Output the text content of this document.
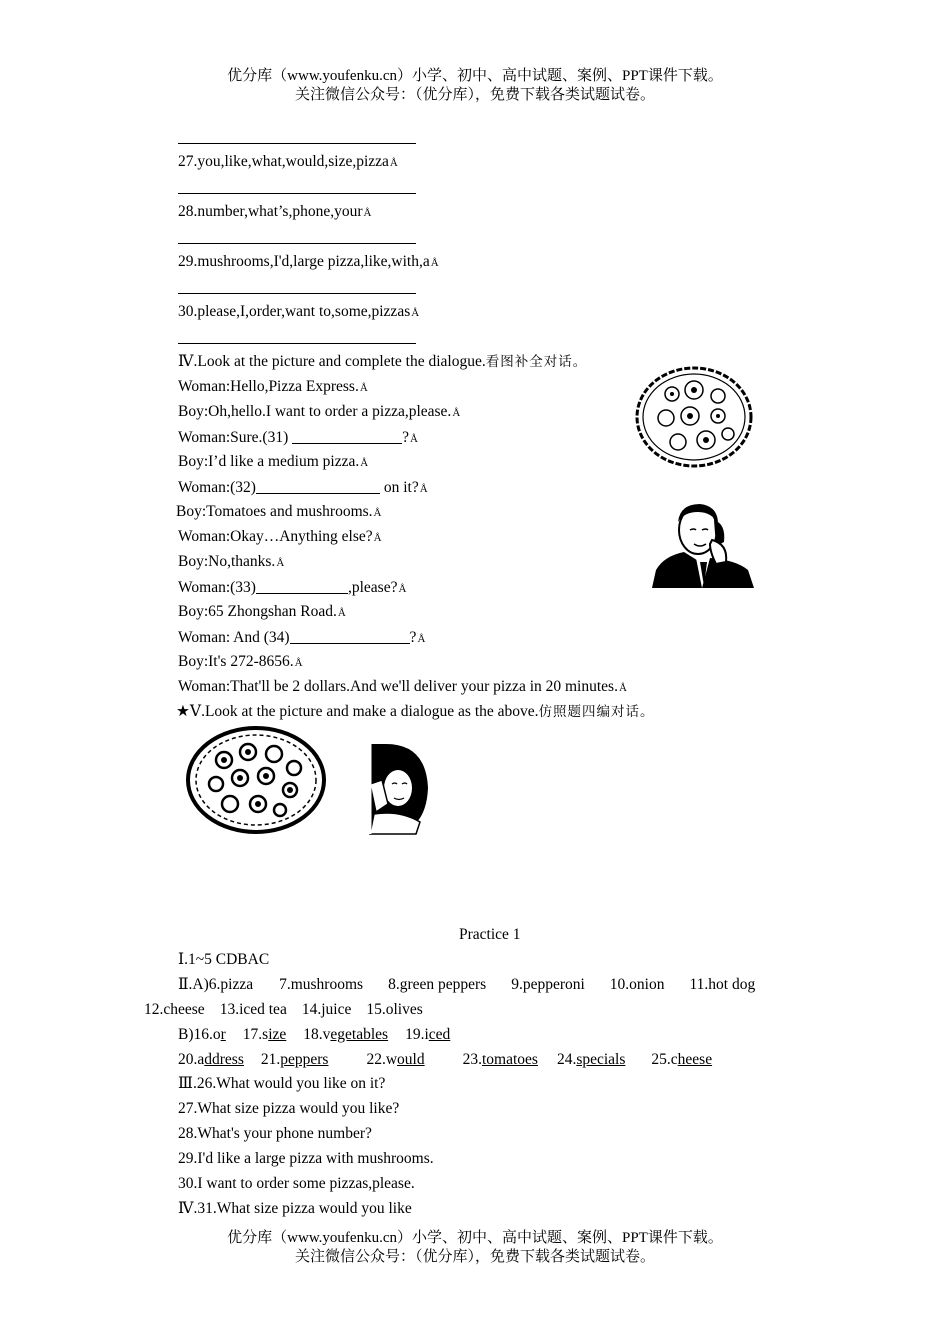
优分库（www.youfenku.cn）小学、初中、高中试题、案例、PPT课件下载。
关注微信公众号：（优分库），免费下载各类试题试卷。
27.you,like,what,would,size,pizzaÅ
28.number,what’s,phone,yourÅ
29.mushrooms,I'd,large pizza,like,with,aÅ
30.please,I,order,want to,some,pizzasÅ
Ⅳ.Look at the picture and complete the dialogue.看图补全对话。
Woman:Hello,Pizza Express.Å
Boy:Oh,hello.I want to order a pizza,please.Å
Woman:Sure.(31)	?Å
Boy:I’d like a medium pizza.Å
Woman:(32)	on it?Å
Boy:Tomatoes and mushrooms.Å
Woman:Okay…Anything else?Å
Boy:No,thanks.Å
Woman:(33)	,please?Å
Boy:65 Zhongshan Road.Å
Woman: And (34)	?Å
Boy:It's 272-8656.Å
Woman:That'll be 2 dollars.And we'll deliver your pizza in 20 minutes.Å
★Ⅴ.Look at the picture and make a dialogue as the above.仿照题四编对话。
Practice 1
Ⅰ.1~5 CDBAC
Ⅱ.A)6.pizza 7.mushrooms 8.green peppers 9.pepperoni 10.onion 11.hot dog
12.cheese 13.iced tea 14.juice 15.olives
B)16.or 17.size 18.vegetables 19.iced
20.address 21.peppers 22.would 23.tomatoes 24.specials 25.cheese
Ⅲ.26.What would you like on it?
27.What size pizza would you like?
28.What's your phone number?
29.I'd like a large pizza with mushrooms.
30.I want to order some pizzas,please.
Ⅳ.31.What size pizza would you like
优分库（www.youfenku.cn）小学、初中、高中试题、案例、PPT课件下载。
关注微信公众号：（优分库），免费下载各类试题试卷。
